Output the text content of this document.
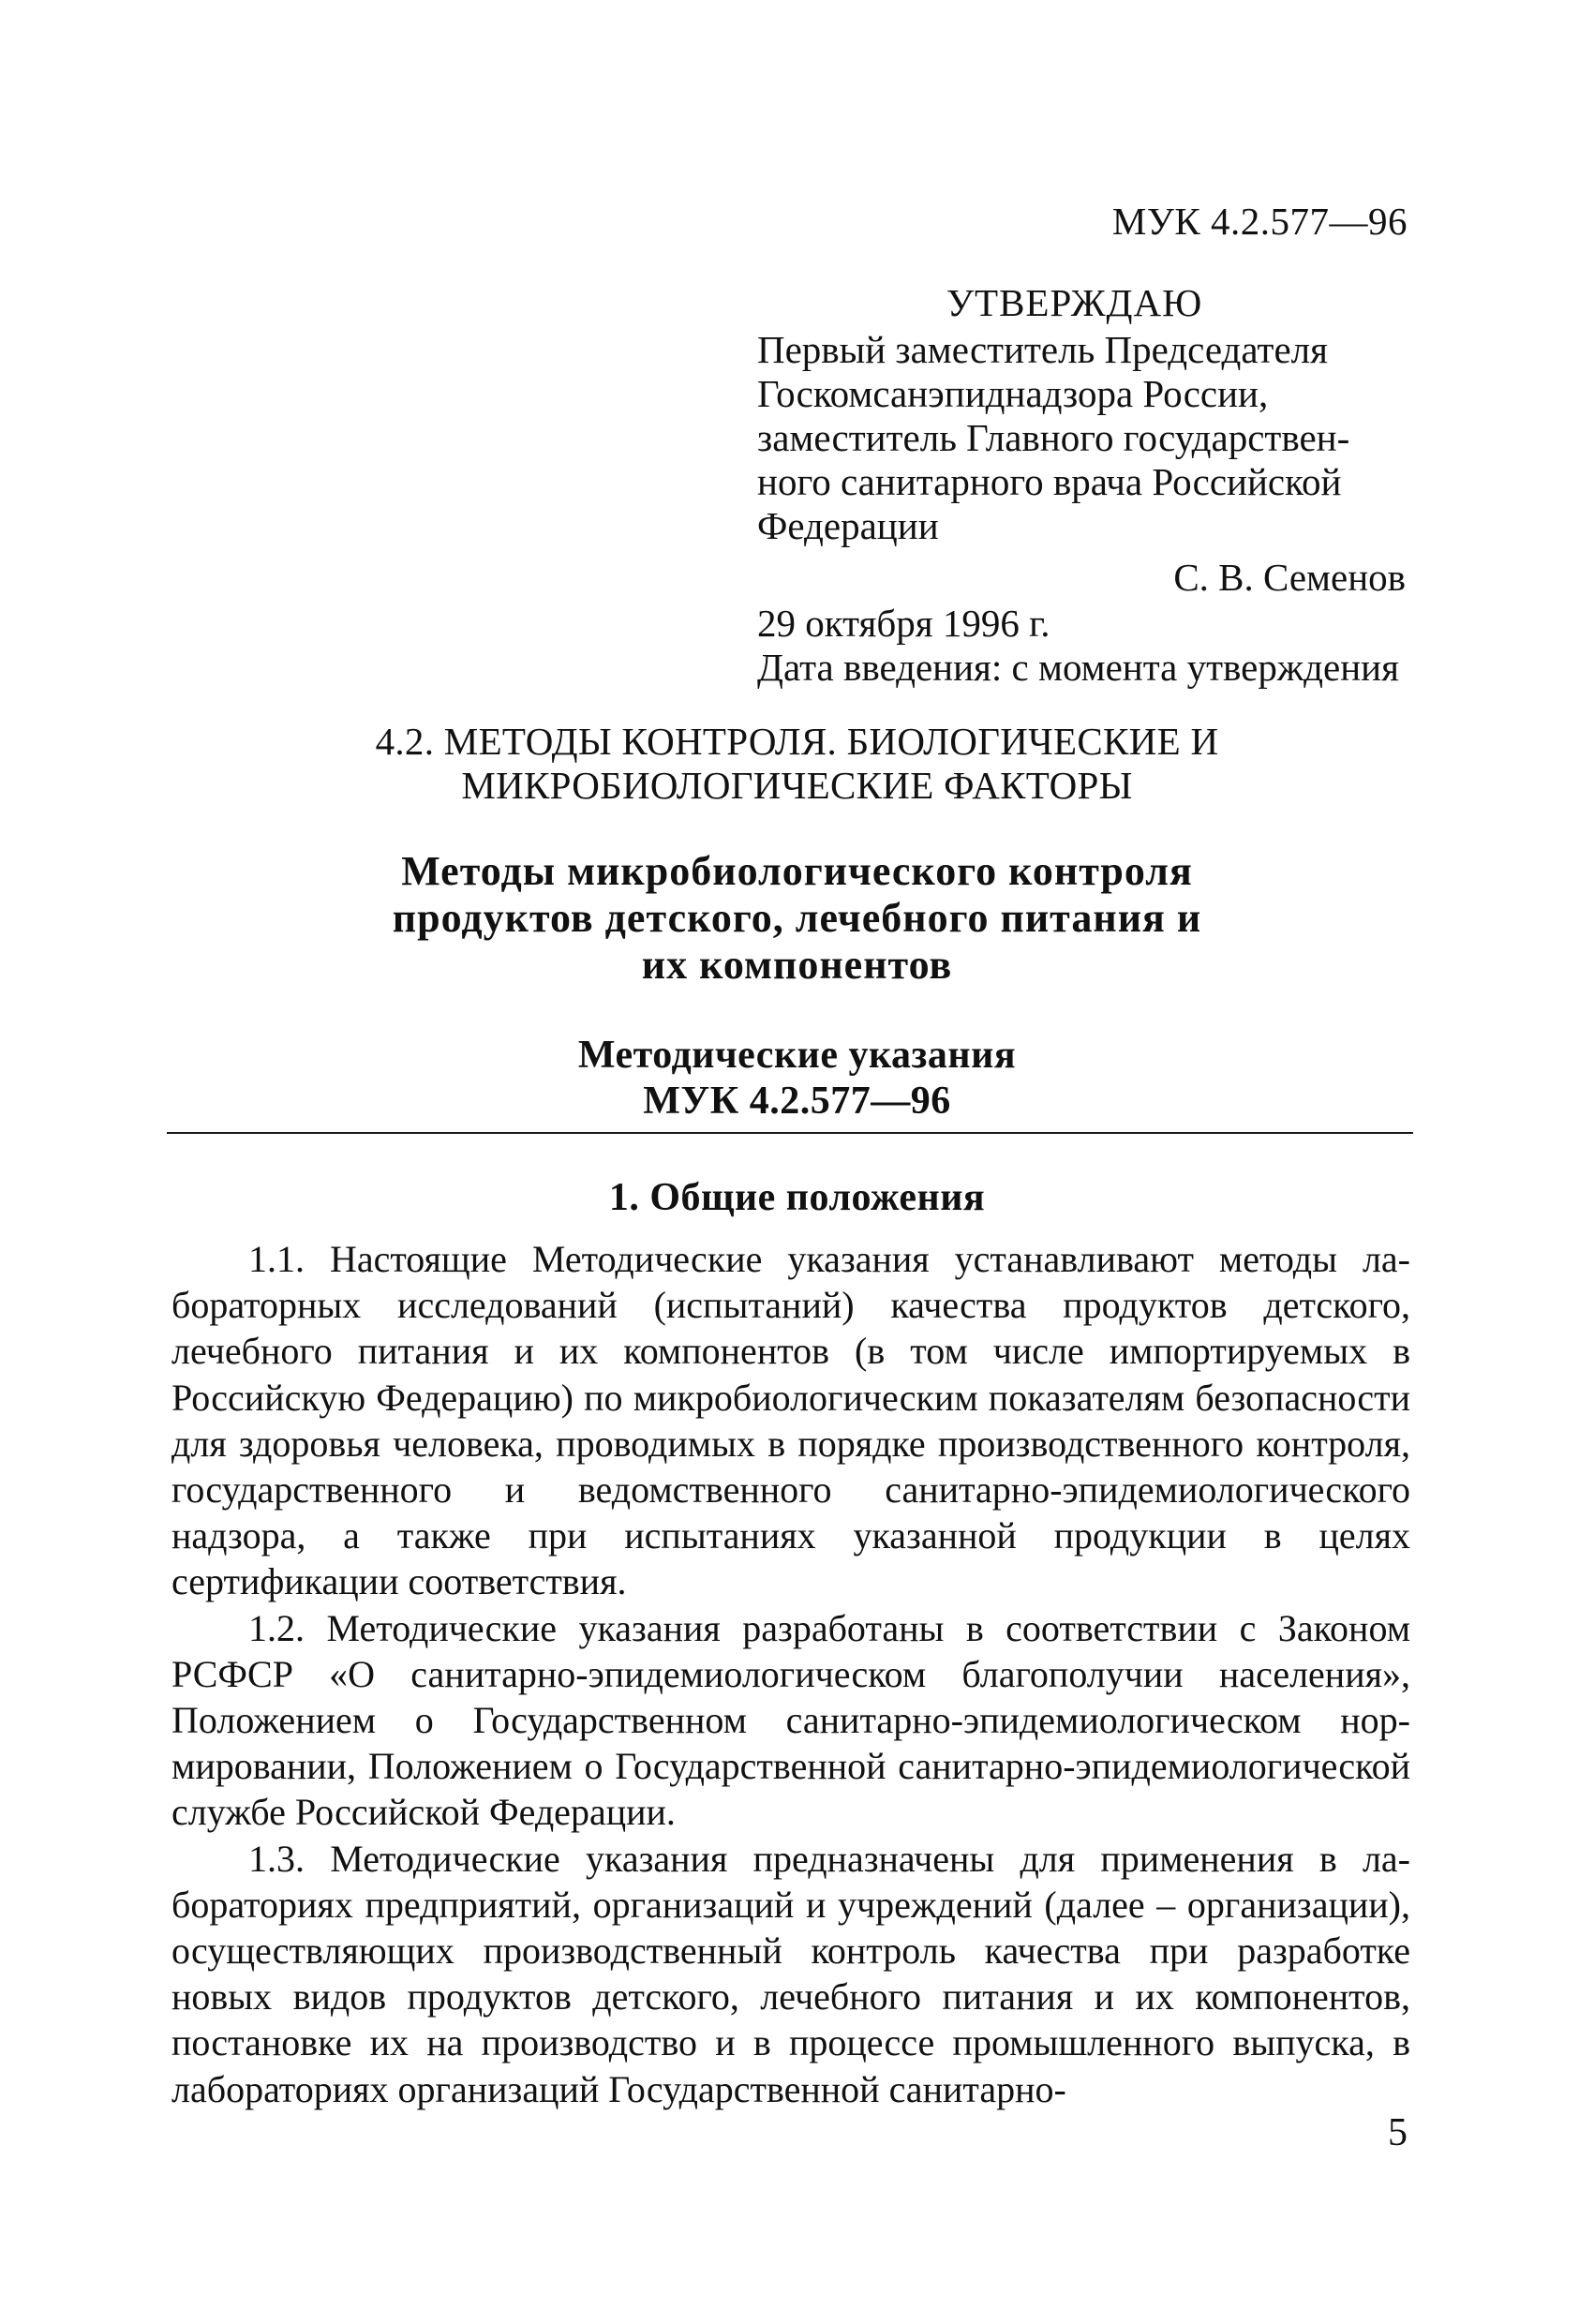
МУК 4.2.577—96
УТВЕРЖДАЮ
Первый заместитель Председателя
Госкомсанэпиднадзора России,
заместитель Главного государствен-
ного санитарного врача Российской
Федерации
С. В. Семенов
29 октября 1996 г.
Дата введения: с момента утверждения
4.2. МЕТОДЫ КОНТРОЛЯ. БИОЛОГИЧЕСКИЕ И
МИКРОБИОЛОГИЧЕСКИЕ ФАКТОРЫ
Методы микробиологического контроля
продуктов детского, лечебного питания и
их компонентов
Методические указания
МУК 4.2.577—96
1. Общие положения

1.1. Настоящие Методические указания устанавливают методы лабораторных исследований (испытаний) качества продуктов детского, лечебного питания и их компонентов (в том числе импортируемых в Российскую Федерацию) по микробиологическим показателям безопасности для здоровья человека, проводимых в порядке производственного контроля, государственного и ведомственного санитарно-эпидемиологического надзора, а также при испытаниях указанной продукции в целях сертификации соответствия.

1.2. Методические указания разработаны в соответствии с Законом РСФСР «О санитарно-эпидемиологическом благополучии населения», Положением о Государственном санитарно-эпидемиологическом нормировании, Положением о Государственной санитарно-эпидемиологической службе Российской Федерации.

1.3. Методические указания предназначены для применения в лабораториях предприятий, организаций и учреждений (далее – организации), осуществляющих производственный контроль качества при разработке новых видов продуктов детского, лечебного питания и их компонентов, постановке их на производство и в процессе промышленного выпуска, в лабораториях организаций Государственной санитарно-

5
